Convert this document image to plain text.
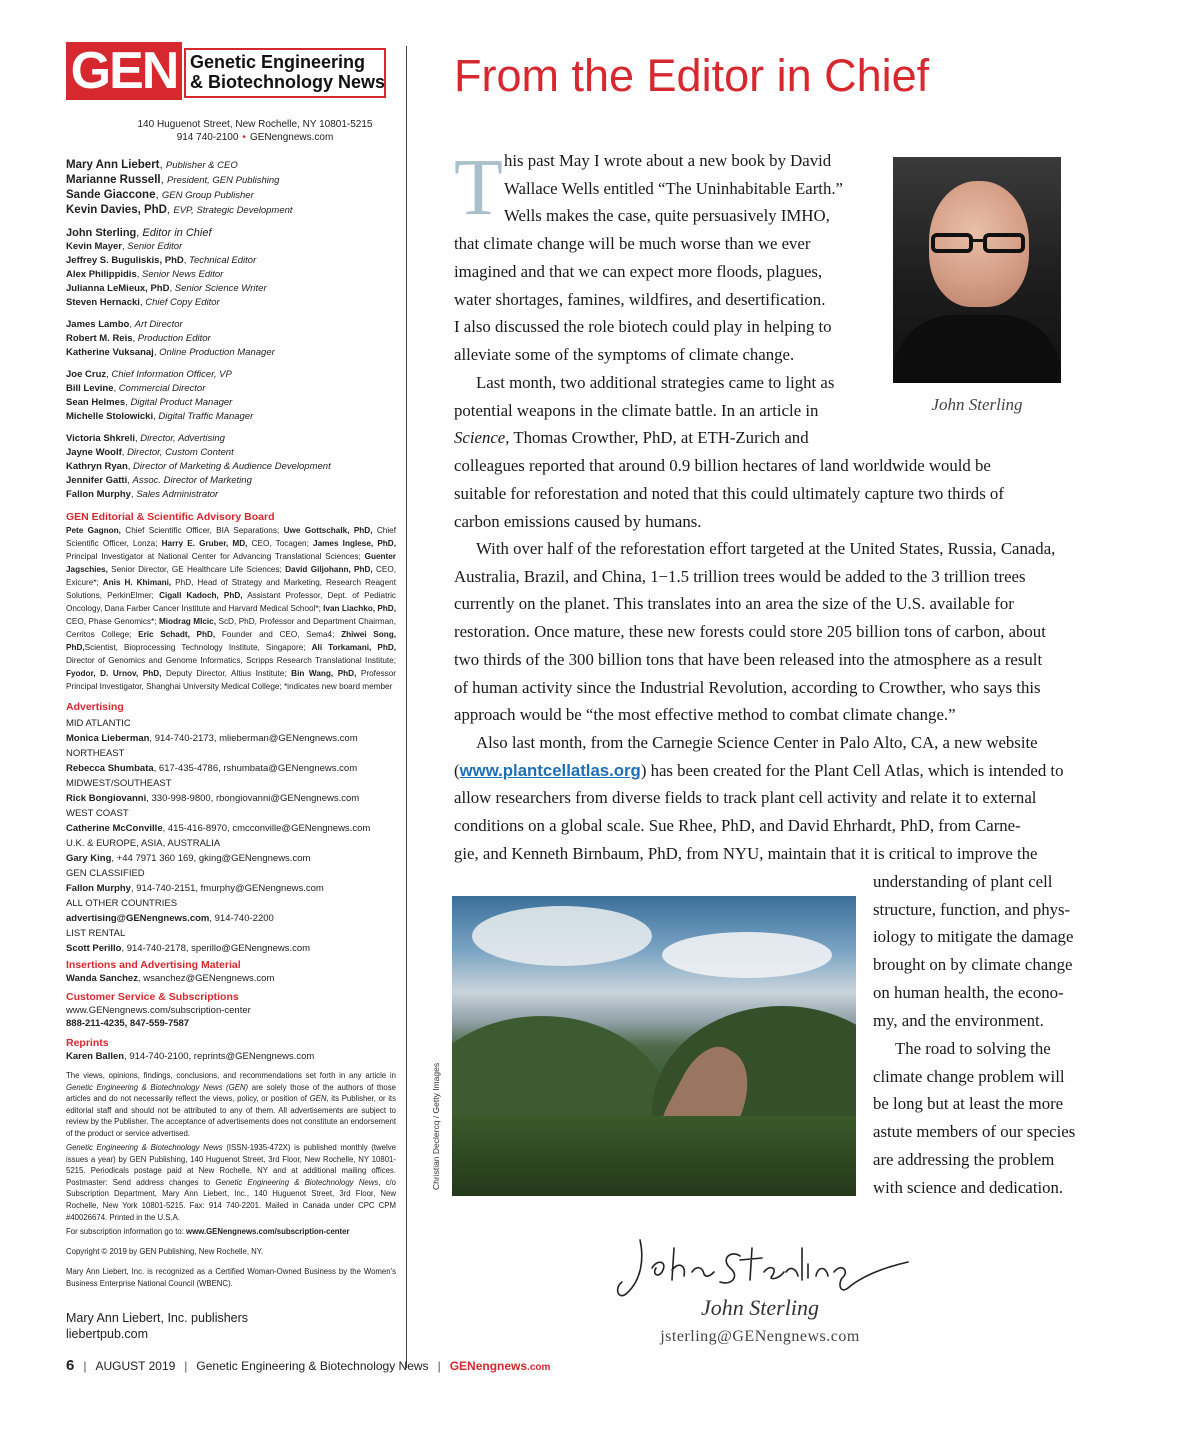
GEN Genetic Engineering
& Biotechnology News
140 Huguenot Street, New Rochelle, NY 10801-5215
914 740-2100 • GENengnews.com
Mary Ann Liebert, Publisher & CEO
Marianne Russell, President, GEN Publishing
Sande Giaccone, GEN Group Publisher
Kevin Davies, PhD, EVP, Strategic Development
John Sterling, Editor in Chief
Kevin Mayer, Senior Editor
Jeffrey S. Buguliskis, PhD, Technical Editor
Alex Philippidis, Senior News Editor
Julianna LeMieux, PhD, Senior Science Writer
Steven Hernacki, Chief Copy Editor
James Lambo, Art Director
Robert M. Reis, Production Editor
Katherine Vuksanaj, Online Production Manager
Joe Cruz, Chief Information Officer, VP
Bill Levine, Commercial Director
Sean Helmes, Digital Product Manager
Michelle Stolowicki, Digital Traffic Manager
Victoria Shkreli, Director, Advertising
Jayne Woolf, Director, Custom Content
Kathryn Ryan, Director of Marketing & Audience Development
Jennifer Gatti, Assoc. Director of Marketing
Fallon Murphy, Sales Administrator
GEN Editorial & Scientific Advisory Board
Pete Gagnon, Chief Scientific Officer, BIA Separations; Uwe Gottschalk, PhD, Chief Scientific Officer, Lonza; Harry E. Gruber, MD, CEO, Tocagen; James Inglese, PhD, Principal Investigator at National Center for Advancing Translational Sciences; Guenter Jagschies, Senior Director, GE Healthcare Life Sciences; David Giljohann, PhD, CEO, Exicure*; Anis H. Khimani, PhD, Head of Strategy and Marketing, Research Reagent Solutions, PerkinElmer; Cigall Kadoch, PhD, Assistant Professor, Dept. of Pediatric Oncology, Dana Farber Cancer Institute and Harvard Medical School*; Ivan Liachko, PhD, CEO, Phase Genomics*; Miodrag MIcic, ScD, PhD, Professor and Department Chairman, Cerritos College; Eric Schadt, PhD, Founder and CEO, Sema4; Zhiwei Song, PhD,Scientist, Bioprocessing Technology Institute, Singapore; Ali Torkamani, PhD, Director of Genomics and Genome Informatics, Scripps Research Translational Institute; Fyodor, D. Urnov, PhD, Deputy Director, Altius Institute; Bin Wang, PhD, Professor Principal Investigator, Shanghai University Medical College; *indicates new board member
Advertising
MID ATLANTIC
Monica Lieberman, 914-740-2173, mlieberman@GENengnews.com
NORTHEAST
Rebecca Shumbata, 617-435-4786, rshumbata@GENengnews.com
MIDWEST/SOUTHEAST
Rick Bongiovanni, 330-998-9800, rbongiovanni@GENengnews.com
WEST COAST
Catherine McConville, 415-416-8970, cmcconville@GENengnews.com
U.K. & EUROPE, ASIA, AUSTRALIA
Gary King, +44 7971 360 169, gking@GENengnews.com
GEN CLASSIFIED
Fallon Murphy, 914-740-2151, fmurphy@GENengnews.com
ALL OTHER COUNTRIES
advertising@GENengnews.com, 914-740-2200
LIST RENTAL
Scott Perillo, 914-740-2178, sperillo@GENengnews.com
Insertions and Advertising Material
Wanda Sanchez, wsanchez@GENengnews.com
Customer Service & Subscriptions
www.GENengnews.com/subscription-center
888-211-4235, 847-559-7587
Reprints
Karen Ballen, 914-740-2100, reprints@GENengnews.com
The views, opinions, findings, conclusions, and recommendations set forth in any article in Genetic Engineering & Biotechnology News (GEN) are solely those of the authors of those articles and do not necessarily reflect the views, policy, or position of GEN, its Publisher, or its editorial staff and should not be attributed to any of them. All advertisements are subject to review by the Publisher. The acceptance of advertisements does not constitute an endorsement of the product or service advertised.
Genetic Engineering & Biotechnology News (ISSN-1935-472X) is published monthly (twelve issues a year) by GEN Publishing, 140 Huguenot Street, 3rd Floor, New Rochelle, NY 10801-5215. Periodicals postage paid at New Rochelle, NY and at additional mailing offices. Postmaster: Send address changes to Genetic Engineering & Biotechnology News, c/o Subscription Department, Mary Ann Liebert, Inc., 140 Huguenot Street, 3rd Floor, New Rochelle, New York 10801-5215. Fax: 914 740-2201. Mailed in Canada under CPC CPM #40026674. Printed in the U.S.A.
For subscription information go to: www.GENengnews.com/subscription-center
Copyright © 2019 by GEN Publishing, New Rochelle, NY.
Mary Ann Liebert, Inc. is recognized as a Certified Woman-Owned Business by the Women's Business Enterprise National Council (WBENC).
Mary Ann Liebert, Inc. publishers
liebertpub.com
From the Editor in Chief
T his past May I wrote about a new book by David
Wallace Wells entitled “The Uninhabitable Earth.”
Wells makes the case, quite persuasively IMHO,
that climate change will be much worse than we ever
imagined and that we can expect more floods, plagues,
water shortages, famines, wildfires, and desertification.
I also discussed the role biotech could play in helping to
alleviate some of the symptoms of climate change.
John Sterling
Last month, two additional strategies came to light as
potential weapons in the climate battle. In an article in
Science, Thomas Crowther, PhD, at ETH-Zurich and
colleagues reported that around 0.9 billion hectares of land worldwide would be
suitable for reforestation and noted that this could ultimately capture two thirds of
carbon emissions caused by humans.
With over half of the reforestation effort targeted at the United States, Russia, Canada,
Australia, Brazil, and China, 1−1.5 trillion trees would be added to the 3 trillion trees
currently on the planet. This translates into an area the size of the U.S. available for
restoration. Once mature, these new forests could store 205 billion tons of carbon, about
two thirds of the 300 billion tons that have been released into the atmosphere as a result
of human activity since the Industrial Revolution, according to Crowther, who says this
approach would be “the most effective method to combat climate change.”
Also last month, from the Carnegie Science Center in Palo Alto, CA, a new website
(www.plantcellatlas.org) has been created for the Plant Cell Atlas, which is intended to
allow researchers from diverse fields to track plant cell activity and relate it to external
conditions on a global scale. Sue Rhee, PhD, and David Ehrhardt, PhD, from Carne-
gie, and Kenneth Birnbaum, PhD, from NYU, maintain that it is critical to improve the
understanding of plant cell
structure, function, and phys-
iology to mitigate the damage
brought on by climate change
on human health, the econo-
my, and the environment.
The road to solving the
climate change problem will
be long but at least the more
astute members of our species
are addressing the problem
with science and dedication.
Christian Declercq / Getty Images
John Sterling
jsterling@GENengnews.com
6 | AUGUST 2019 | Genetic Engineering & Biotechnology News | GENengnews.com
